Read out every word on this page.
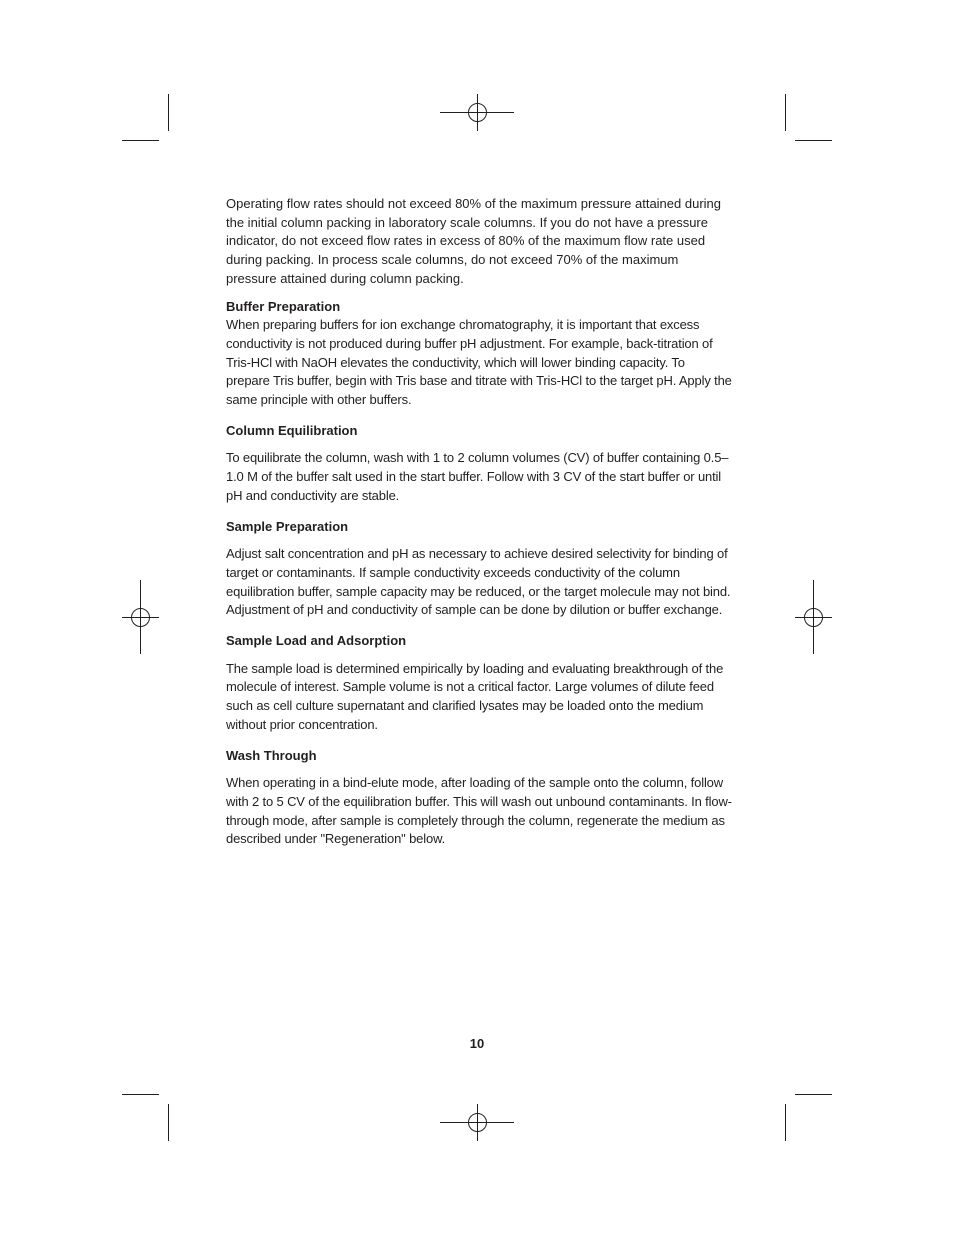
Operating flow rates should not exceed 80% of the maximum pressure attained during the initial column packing in laboratory scale columns. If you do not have a pressure indicator, do not exceed flow rates in excess of 80% of the maximum flow rate used during packing. In process scale columns, do not exceed 70% of the maximum pressure attained during column packing.

Buffer Preparation

When preparing buffers for ion exchange chromatography, it is important that excess conductivity is not produced during buffer pH adjustment. For example, back-titration of Tris-HCl with NaOH elevates the conductivity, which will lower binding capacity. To prepare Tris buffer, begin with Tris base and titrate with Tris-HCl to the target pH. Apply the same principle with other buffers.

Column Equilibration

To equilibrate the column, wash with 1 to 2 column volumes (CV) of buffer containing 0.5–1.0 M of the buffer salt used in the start buffer. Follow with 3 CV of the start buffer or until pH and conductivity are stable.

Sample Preparation

Adjust salt concentration and pH as necessary to achieve desired selectivity for binding of target or contaminants. If sample conductivity exceeds conductivity of the column equilibration buffer, sample capacity may be reduced, or the target molecule may not bind. Adjustment of pH and conductivity of sample can be done by dilution or buffer exchange.

Sample Load and Adsorption

The sample load is determined empirically by loading and evaluating breakthrough of the molecule of interest. Sample volume is not a critical factor. Large volumes of dilute feed such as cell culture supernatant and clarified lysates may be loaded onto the medium without prior concentration.

Wash Through

When operating in a bind-elute mode, after loading of the sample onto the column, follow with 2 to 5 CV of the equilibration buffer. This will wash out unbound contaminants. In flow-through mode, after sample is completely through the column, regenerate the medium as described under "Regeneration" below.

10
